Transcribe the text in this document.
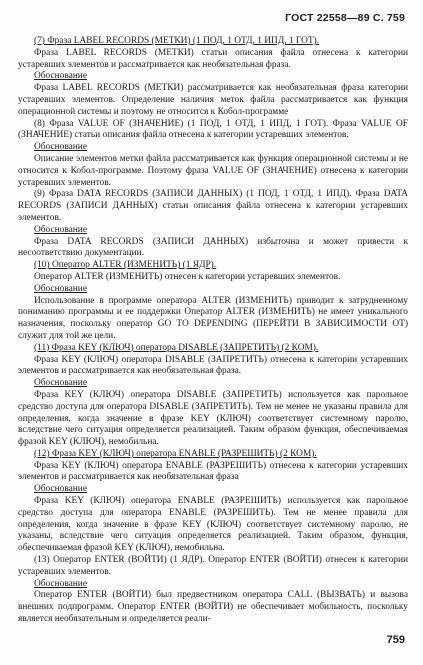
ГОСТ 22558—89 С. 759

(7) Фраза LABEL RECORDS (МЕТКИ) (1 ПОД, 1 ОТД, 1 ИПД, 1 ГОТ).

Фраза LABEL RECORDS (МЕТКИ) статьи описания файла отнесена к категории устаревших элементов и рассматривается как необязательная фраза.

Обоснование

Фраза LABEL RECORDS (МЕТКИ) рассматривается как необязательная фраза категории устаревших элементов. Определение наличия меток файла рассматривается как функция операционной системы и поэтому не относится к Кобол-программе

(8) Фраза VALUE OF (ЗНАЧЕНИЕ) (1 ПОД, 1 ОТД, 1 ИПД, 1 ГОТ). Фраза VALUE OF (ЗНАЧЕНИЕ) статьи описания файла отнесена к категории устаревших элементов.

Обоснование

Описание элементов метки файла рассматривается как функция операционной системы и не относится к Кобол-программе. Поэтому фраза VALUE OF (ЗНАЧЕНИЕ) отнесена к категории устаревших элементов.

(9) Фраза DATA RECORDS (ЗАПИСИ ДАННЫХ) (1 ПОД, 1 ОТД, 1 ИПД). Фраза DATA RECORDS (ЗАПИСИ ДАННЫХ) статьи описания файла отнесена к категории устаревших элементов.

Обоснование

Фраза DATA RECORDS (ЗАПИСИ ДАННЫХ) избыточна и может привести к несоответствию документации.

(10) Оператор ALTER (ИЗМЕНИТЬ) (1 ЯДР).

Оператор ALTER (ИЗМЕНИТЬ) отнесен к категории устаревших элементов.

Обоснование

Использование в программе оператора ALTER (ИЗМЕНИТЬ) приводит к затрудненному пониманию программы и ее поддержки Оператор ALTER (ИЗМЕНИТЬ) не имеет уникального назначения, поскольку оператор GO TO DEPENDING (ПЕРЕЙТИ В ЗАВИСИМОСТИ ОТ) служит для той же цели.

(11) Фраза KEY (КЛЮЧ) оператора DISABLE (ЗАПРЕТИТЬ) (2 КОМ).

Фраза KEY (КЛЮЧ) оператора DISABLE (ЗАПРЕТИТЬ) отнесена к категории устаревших элементов и рассматривается как необязательная фраза.

Обоснование

Фраза KEY (КЛЮЧ) оператора DISABLE (ЗАПРЕТИТЬ) используется как парольное средство доступа для оператора DISABLE (ЗАПРЕТИТЬ). Тем не менее не указаны правила для определения, когда значение в фразе KEY (КЛЮЧ) соответствует системному паролю, вследствие чего ситуация определяется реализацией. Таким образом функция, обеспечиваемая фразой KEY (КЛЮЧ), немобильна.

(12) Фраза KEY (КЛЮЧ) оператора ENABLE (РАЗРЕШИТЬ) (2 КОМ).

Фраза KEY (КЛЮЧ) оператора ENABLE (РАЗРЕШИТЬ) отнесена к категории устаревших элементов и рассматривается как необязательная фраза

Обоснование

Фраза KEY (КЛЮЧ) оператора ENABLE (РАЗРЕШИТЬ) используется как парольное средство доступа для оператора ENABLE (РАЗРЕШИТЬ). Тем не менее правила для определения, когда значение в фразе KEY (КЛЮЧ) соответствует системному паролю, не указаны, вследствие чего ситуация определяется реализацией. Таким образом, функция, обеспечиваемая фразой KEY (КЛЮЧ), немобильна.

(13) Оператор ENTER (ВОЙТИ) (1 ЯДР). Оператор ENTER (ВОЙТИ) отнесен к категории устаревших элементов.

Обоснование

Оператор ENTER (ВОЙТИ) был предвестником оператора CALL (ВЫЗВАТЬ) и вызова внешних подпрограмм. Оператор ENTER (ВОЙТИ) не обеспечивает мобильность, поскольку является необязательным и определяется реали-

759
